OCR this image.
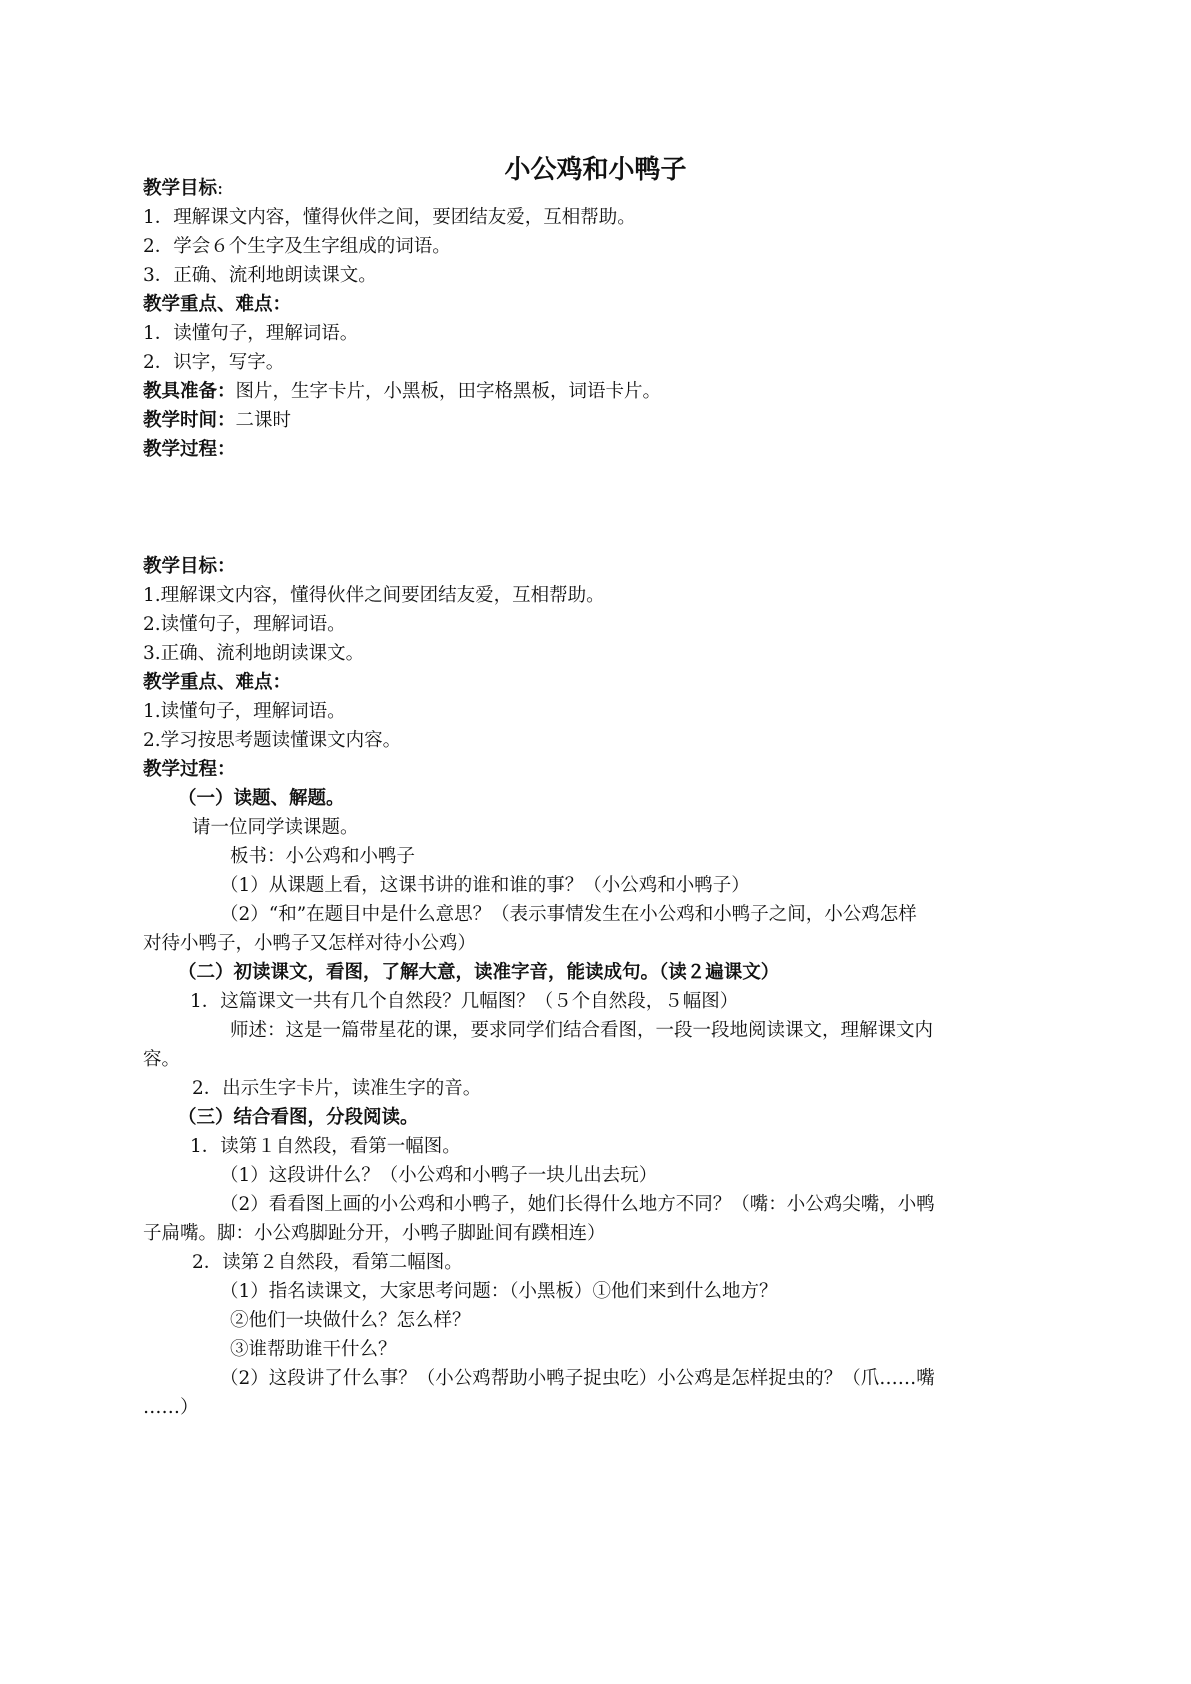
小公鸡和小鸭子
教学目标:
1．理解课文内容，懂得伙伴之间，要团结友爱，互相帮助。
2．学会６个生字及生字组成的词语。
3．正确、流利地朗读课文。
教学重点、难点：
1．读懂句子，理解词语。
2．识字，写字。
教具准备：图片，生字卡片，小黑板，田字格黑板，词语卡片。
教学时间：二课时
教学过程：
教学目标：
1.理解课文内容，懂得伙伴之间要团结友爱，互相帮助。
2.读懂句子，理解词语。
3.正确、流利地朗读课文。
教学重点、难点：
1.读懂句子，理解词语。
2.学习按思考题读懂课文内容。
教学过程：
（一）读题、解题。
请一位同学读课题。
板书：小公鸡和小鸭子
（1）从课题上看，这课书讲的谁和谁的事？（小公鸡和小鸭子）
（2）“和”在题目中是什么意思？（表示事情发生在小公鸡和小鸭子之间，小公鸡怎样
对待小鸭子，小鸭子又怎样对待小公鸡）
（二）初读课文，看图，了解大意，读准字音，能读成句。（读２遍课文）
1．这篇课文一共有几个自然段？几幅图？（５个自然段，５幅图）
师述：这是一篇带星花的课，要求同学们结合看图，一段一段地阅读课文，理解课文内
容。
2．出示生字卡片，读准生字的音。
（三）结合看图，分段阅读。
1．读第１自然段，看第一幅图。
（1）这段讲什么？（小公鸡和小鸭子一块儿出去玩）
（2）看看图上画的小公鸡和小鸭子，她们长得什么地方不同？（嘴：小公鸡尖嘴，小鸭
子扁嘴。脚：小公鸡脚趾分开，小鸭子脚趾间有蹼相连）
2．读第２自然段，看第二幅图。
（1）指名读课文，大家思考问题：（小黑板）①他们来到什么地方？
②他们一块做什么？怎么样？
③谁帮助谁干什么？
（2）这段讲了什么事？（小公鸡帮助小鸭子捉虫吃）小公鸡是怎样捉虫的？（爪……嘴
……）
